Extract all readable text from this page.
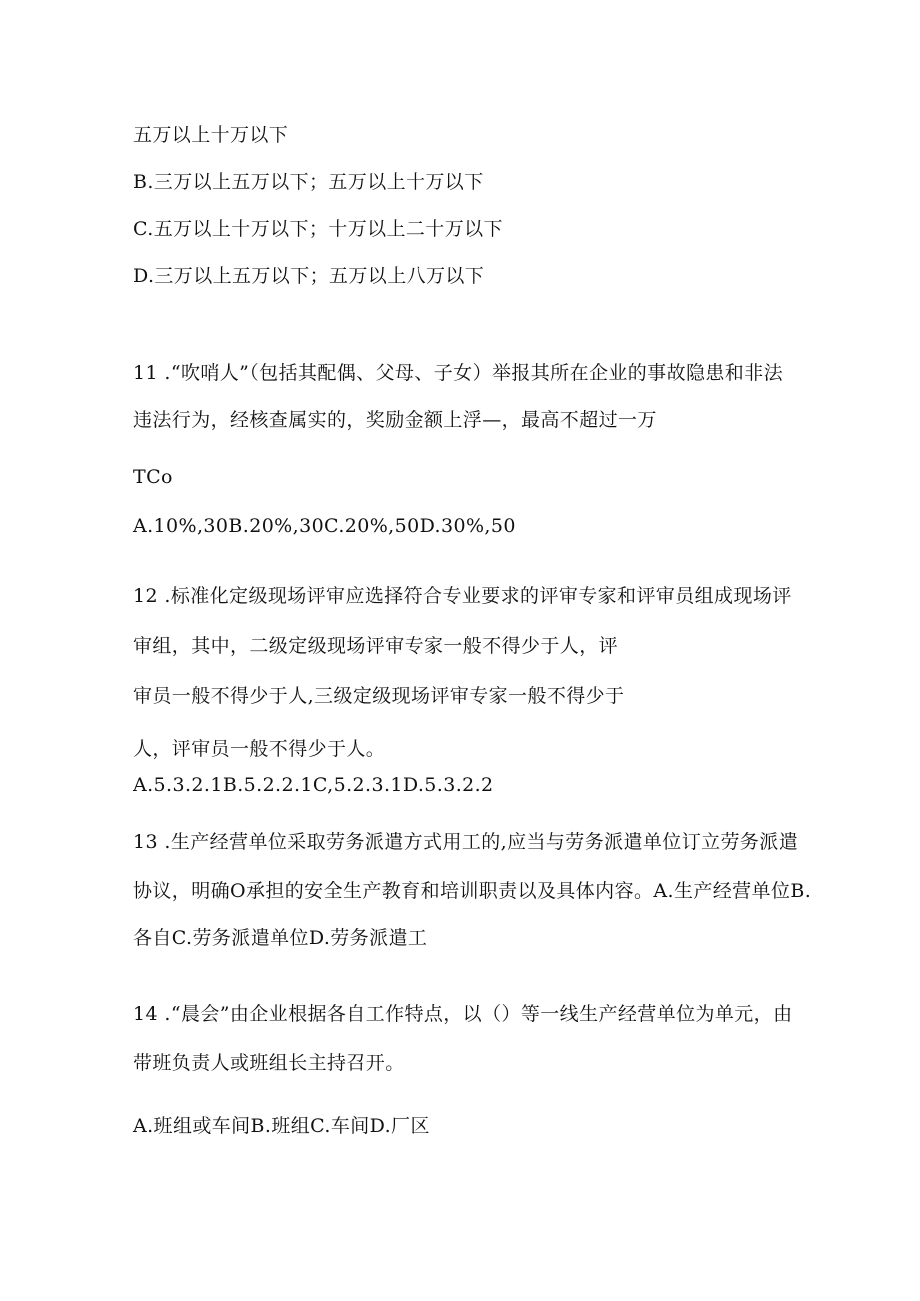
五万以上十万以下
B.三万以上五万以下；五万以上十万以下
C.五万以上十万以下；十万以上二十万以下
D.三万以上五万以下；五万以上八万以下
11 .“吹哨人”（包括其配偶、父母、子女）举报其所在企业的事故隐患和非法
违法行为，经核查属实的，奖励金额上浮—，最高不超过一万
TCo
A.10%,30B.20%,30C.20%,50D.30%,50
12 .标准化定级现场评审应选择符合专业要求的评审专家和评审员组成现场评
审组，其中，二级定级现场评审专家一般不得少于人，评
审员一般不得少于人,三级定级现场评审专家一般不得少于
人，评审员一般不得少于人。
A.5.3.2.1B.5.2.2.1C,5.2.3.1D.5.3.2.2
13 .生产经营单位采取劳务派遣方式用工的,应当与劳务派遣单位订立劳务派遣
协议，明确O承担的安全生产教育和培训职责以及具体内容。A.生产经营单位B.
各自C.劳务派遣单位D.劳务派遣工
14 .“晨会”由企业根据各自工作特点，以（）等一线生产经营单位为单元，由
带班负责人或班组长主持召开。
A.班组或车间B.班组C.车间D.厂区
